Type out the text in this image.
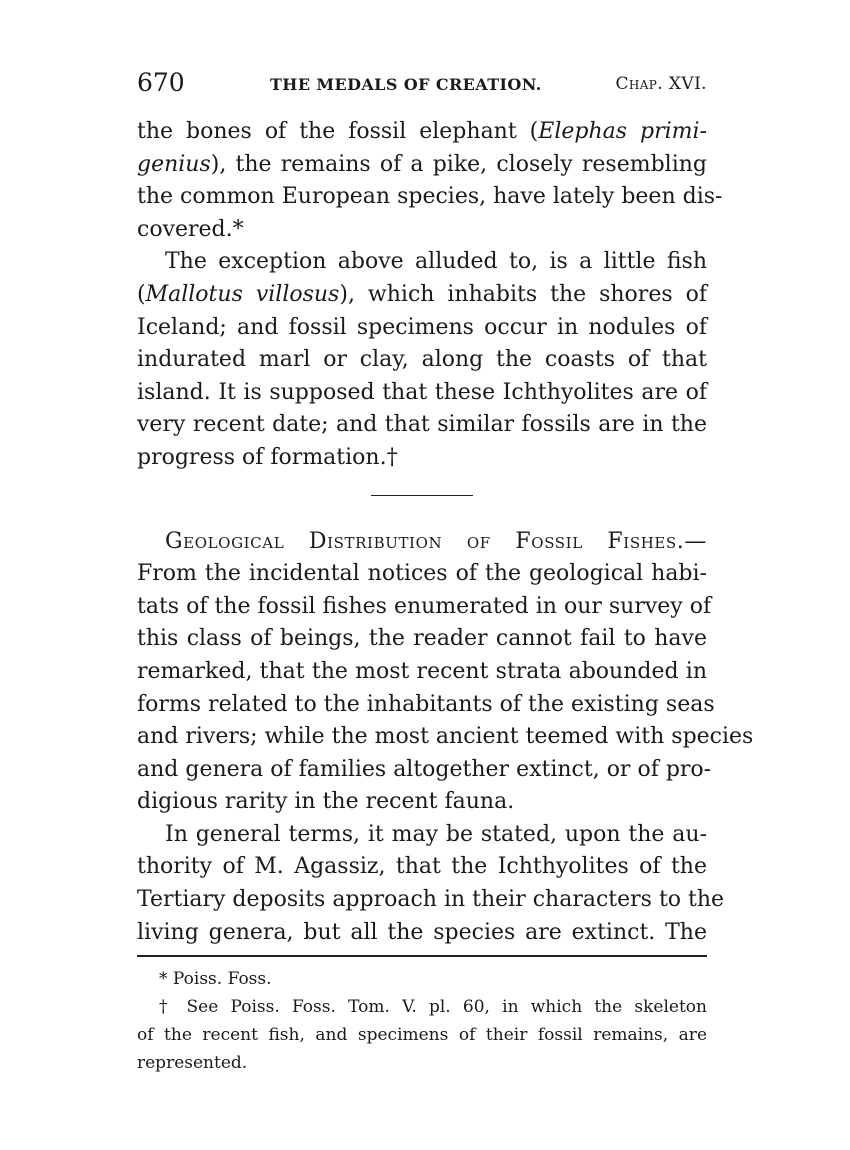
670	THE MEDALS OF CREATION.	Chap. XVI.
the bones of the fossil elephant (Elephas primi-
genius), the remains of a pike, closely resembling
the common European species, have lately been dis-
covered.*
The exception above alluded to, is a little fish
(Mallotus villosus), which inhabits the shores of
Iceland; and fossil specimens occur in nodules of
indurated marl or clay, along the coasts of that
island. It is supposed that these Ichthyolites are of
very recent date; and that similar fossils are in the
progress of formation.†
Geological Distribution of Fossil Fishes.—
From the incidental notices of the geological habi-
tats of the fossil fishes enumerated in our survey of
this class of beings, the reader cannot fail to have
remarked, that the most recent strata abounded in
forms related to the inhabitants of the existing seas
and rivers; while the most ancient teemed with species
and genera of families altogether extinct, or of pro-
digious rarity in the recent fauna.
In general terms, it may be stated, upon the au-
thority of M. Agassiz, that the Ichthyolites of the
Tertiary deposits approach in their characters to the
living genera, but all the species are extinct. The
* Poiss. Foss.
† See Poiss. Foss. Tom. V. pl. 60, in which the skeleton
of the recent fish, and specimens of their fossil remains, are
represented.
